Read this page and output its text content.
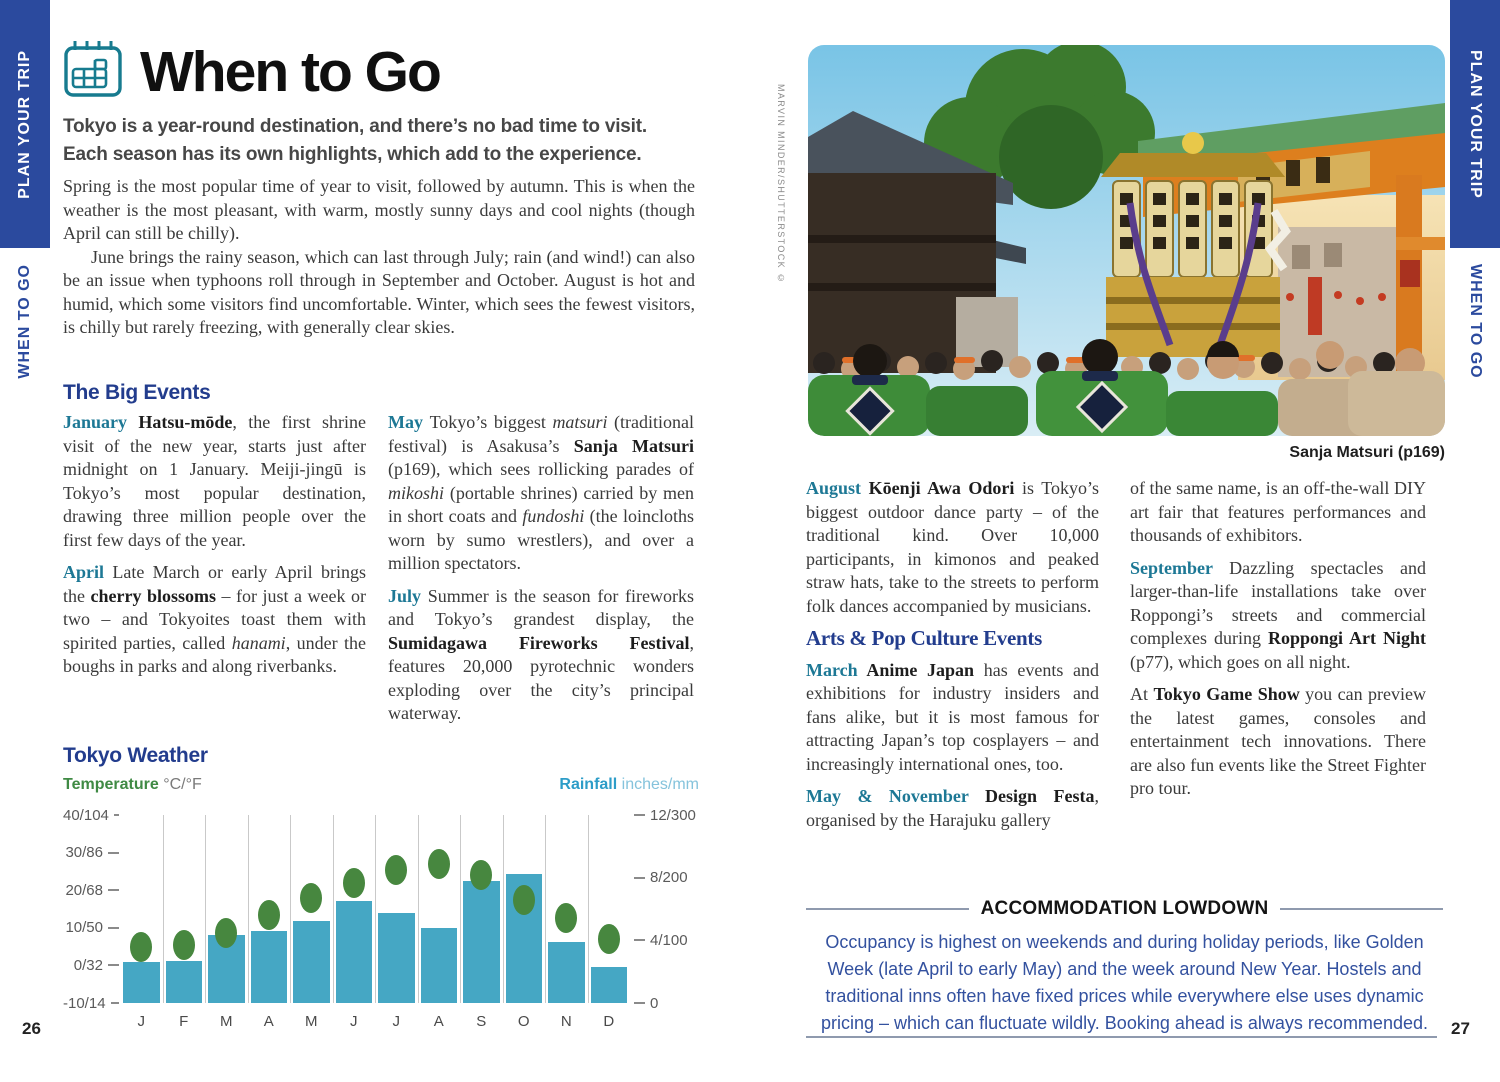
PLAN YOUR TRIP
WHEN TO GO
PLAN YOUR TRIP
WHEN TO GO
When to Go
Tokyo is a year-round destination, and there’s no bad time to visit. Each season has its own highlights, which add to the experience.

Spring is the most popular time of year to visit, followed by autumn. This is when the weather is the most pleasant, with warm, mostly sunny days and cool nights (though April can still be chilly).

June brings the rainy season, which can last through July; rain (and wind!) can also be an issue when typhoons roll through in September and October. August is hot and humid, which some visitors find uncomfortable. Winter, which sees the fewest visitors, is chilly but rarely freezing, with generally clear skies.

The Big Events

January Hatsu-mōde, the first shrine visit of the new year, starts just after midnight on 1 January. Meiji-jingū is Tokyo’s most popular destination, drawing three million people over the first few days of the year.

April Late March or early April brings the cherry blossoms – for just a week or two – and Tokyoites toast them with spirited parties, called hanami, under the boughs in parks and along riverbanks.

May Tokyo’s biggest matsuri (traditional festival) is Asakusa’s Sanja Matsuri (p169), which sees rollicking parades of mikoshi (portable shrines) carried by men in short coats and fundoshi (the loincloths worn by sumo wrestlers), and over a million spectators.

July Summer is the season for fireworks and Tokyo’s grandest display, the Sumidagawa Fireworks Festival, features 20,000 pyrotechnic wonders exploding over the city’s principal waterway.

Tokyo Weather
Temperature °C/°F	Rainfall inches/mm
40/104
30/86
20/68
10/50
0/32
-10/14
12/300
8/200
4/100
0
J	F	M	A	M	J	J	A	S	O	N	D
26
MARVIN MINDER/SHUTTERSTOCK ©
Sanja Matsuri (p169)

August Kōenji Awa Odori is Tokyo’s biggest outdoor dance party – of the traditional kind. Over 10,000 participants, in kimonos and peaked straw hats, take to the streets to perform folk dances accompanied by musicians.

Arts & Pop Culture Events

March Anime Japan has events and exhibitions for industry insiders and fans alike, but it is most famous for attracting Japan’s top cosplayers – and increasingly international ones, too.

May & November Design Festa, organised by the Harajuku gallery

of the same name, is an off-the-wall DIY art fair that features performances and thousands of exhibitors.

September Dazzling spectacles and larger-than-life installations take over Roppongi’s streets and commercial complexes during Roppongi Art Night (p77), which goes on all night.

At Tokyo Game Show you can preview the latest games, consoles and entertainment tech innovations. There are also fun events like the Street Fighter pro tour.

ACCOMMODATION LOWDOWN
Occupancy is highest on weekends and during holiday periods, like Golden Week (late April to early May) and the week around New Year. Hostels and traditional inns often have fixed prices while everywhere else uses dynamic pricing – which can fluctuate wildly. Booking ahead is always recommended.	27
